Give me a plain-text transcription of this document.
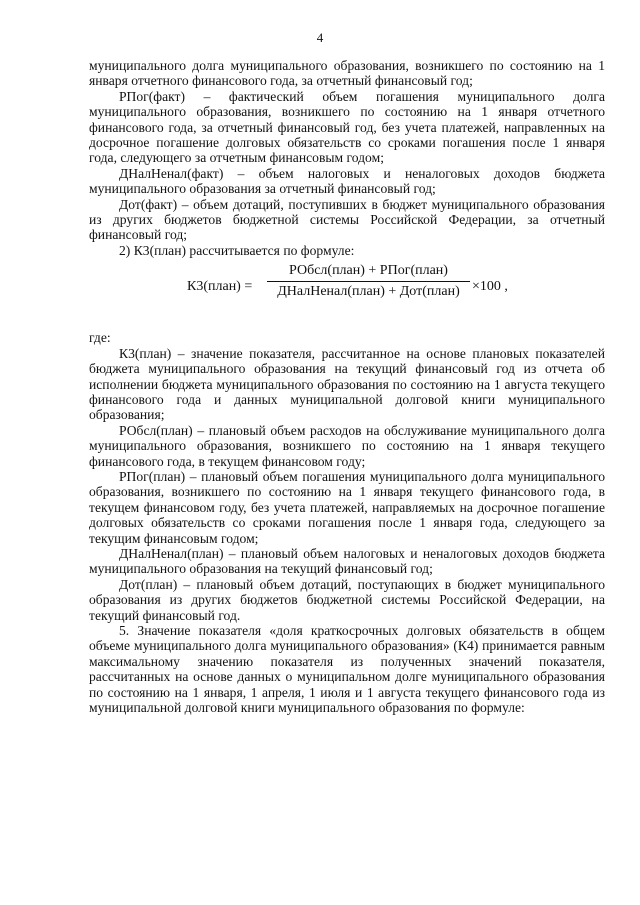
4

муниципального долга муниципального образования, возникшего по состоянию на 1 января отчетного финансового года, за отчетный финансовый год;

РПог(факт) – фактический объем погашения муниципального долга муниципального образования, возникшего по состоянию на 1 января отчетного финансового года, за отчетный финансовый год, без учета платежей, направленных на досрочное погашение долговых обязательств со сроками погашения после 1 января года, следующего за отчетным финансовым годом;

ДНалНенал(факт) – объем налоговых и неналоговых доходов бюджета муниципального образования за отчетный финансовый год;

Дот(факт) – объем дотаций, поступивших в бюджет муниципального образования из других бюджетов бюджетной системы Российской Федерации, за отчетный финансовый год;

2) К3(план) рассчитывается по формуле:

К3(план) =
РОбсл(план) + РПог(план)
ДНалНенал(план) + Дот(план) ×100 ,

где:

К3(план) – значение показателя, рассчитанное на основе плановых показателей бюджета муниципального образования на текущий финансовый год из отчета об исполнении бюджета муниципального образования по состоянию на 1 августа текущего финансового года и данных муниципальной долговой книги муниципального образования;

РОбсл(план) – плановый объем расходов на обслуживание муниципального долга муниципального образования, возникшего по состоянию на 1 января текущего финансового года, в текущем финансовом году;

РПог(план) – плановый объем погашения муниципального долга муниципального образования, возникшего по состоянию на 1 января текущего финансового года, в текущем финансовом году, без учета платежей, направляемых на досрочное погашение долговых обязательств со сроками погашения после 1 января года, следующего за текущим финансовым годом;

ДНалНенал(план) – плановый объем налоговых и неналоговых доходов бюджета муниципального образования на текущий финансовый год;

Дот(план) – плановый объем дотаций, поступающих в бюджет муниципального образования из других бюджетов бюджетной системы Российской Федерации, на текущий финансовый год.

5. Значение показателя «доля краткосрочных долговых обязательств в общем объеме муниципального долга муниципального образования» (К4) принимается равным максимальному значению показателя из полученных значений показателя, рассчитанных на основе данных о муниципальном долге муниципального образования по состоянию на 1 января, 1 апреля, 1 июля и 1 августа текущего финансового года из муниципальной долговой книги муниципального образования по формуле:
